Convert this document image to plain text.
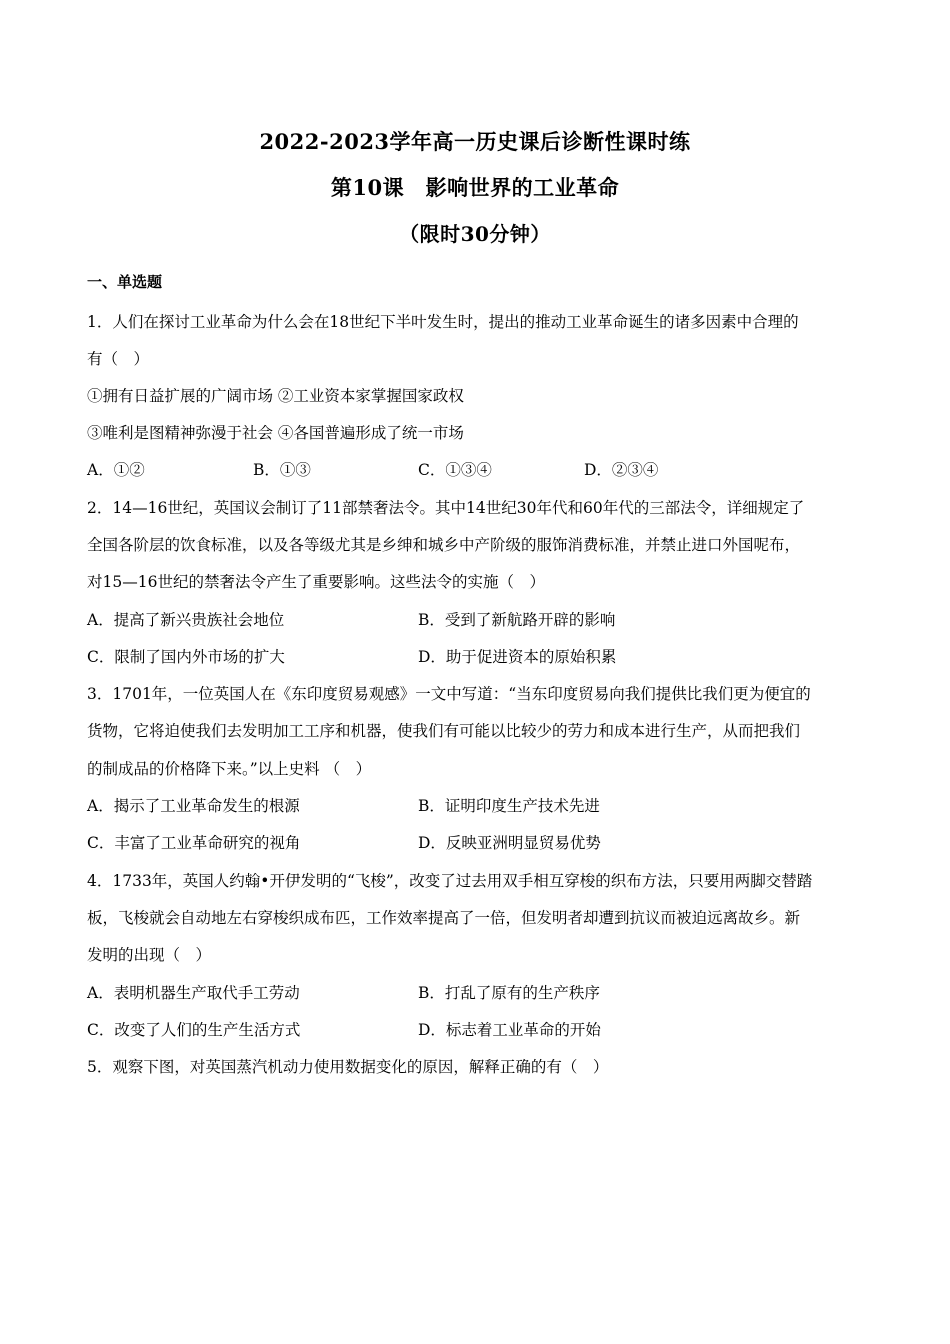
2022-2023学年高一历史课后诊断性课时练
第10课　影响世界的工业革命
（限时30分钟）
一、单选题
1．人们在探讨工业革命为什么会在18世纪下半叶发生时，提出的推动工业革命诞生的诸多因素中合理的
有（　）
①拥有日益扩展的广阔市场 ②工业资本家掌握国家政权
③唯利是图精神弥漫于社会 ④各国普遍形成了统一市场
A．①②	B．①③	C．①③④	D．②③④
2．14—16世纪，英国议会制订了11部禁奢法令。其中14世纪30年代和60年代的三部法令，详细规定了
全国各阶层的饮食标准，以及各等级尤其是乡绅和城乡中产阶级的服饰消费标准，并禁止进口外国呢布，
对15—16世纪的禁奢法令产生了重要影响。这些法令的实施（　）
A．提高了新兴贵族社会地位	B．受到了新航路开辟的影响
C．限制了国内外市场的扩大	D．助于促进资本的原始积累
3．1701年，一位英国人在《东印度贸易观感》一文中写道：“当东印度贸易向我们提供比我们更为便宜的
货物，它将迫使我们去发明加工工序和机器，使我们有可能以比较少的劳力和成本进行生产，从而把我们
的制成品的价格降下来。”以上史料 （　）
A．揭示了工业革命发生的根源	B．证明印度生产技术先进
C．丰富了工业革命研究的视角	D．反映亚洲明显贸易优势
4．1733年，英国人约翰•开伊发明的“飞梭”，改变了过去用双手相互穿梭的织布方法，只要用两脚交替踏
板，飞梭就会自动地左右穿梭织成布匹，工作效率提高了一倍，但发明者却遭到抗议而被迫远离故乡。新
发明的出现（　）
A．表明机器生产取代手工劳动	B．打乱了原有的生产秩序
C．改变了人们的生产生活方式	D．标志着工业革命的开始
5．观察下图，对英国蒸汽机动力使用数据变化的原因，解释正确的有（　）
